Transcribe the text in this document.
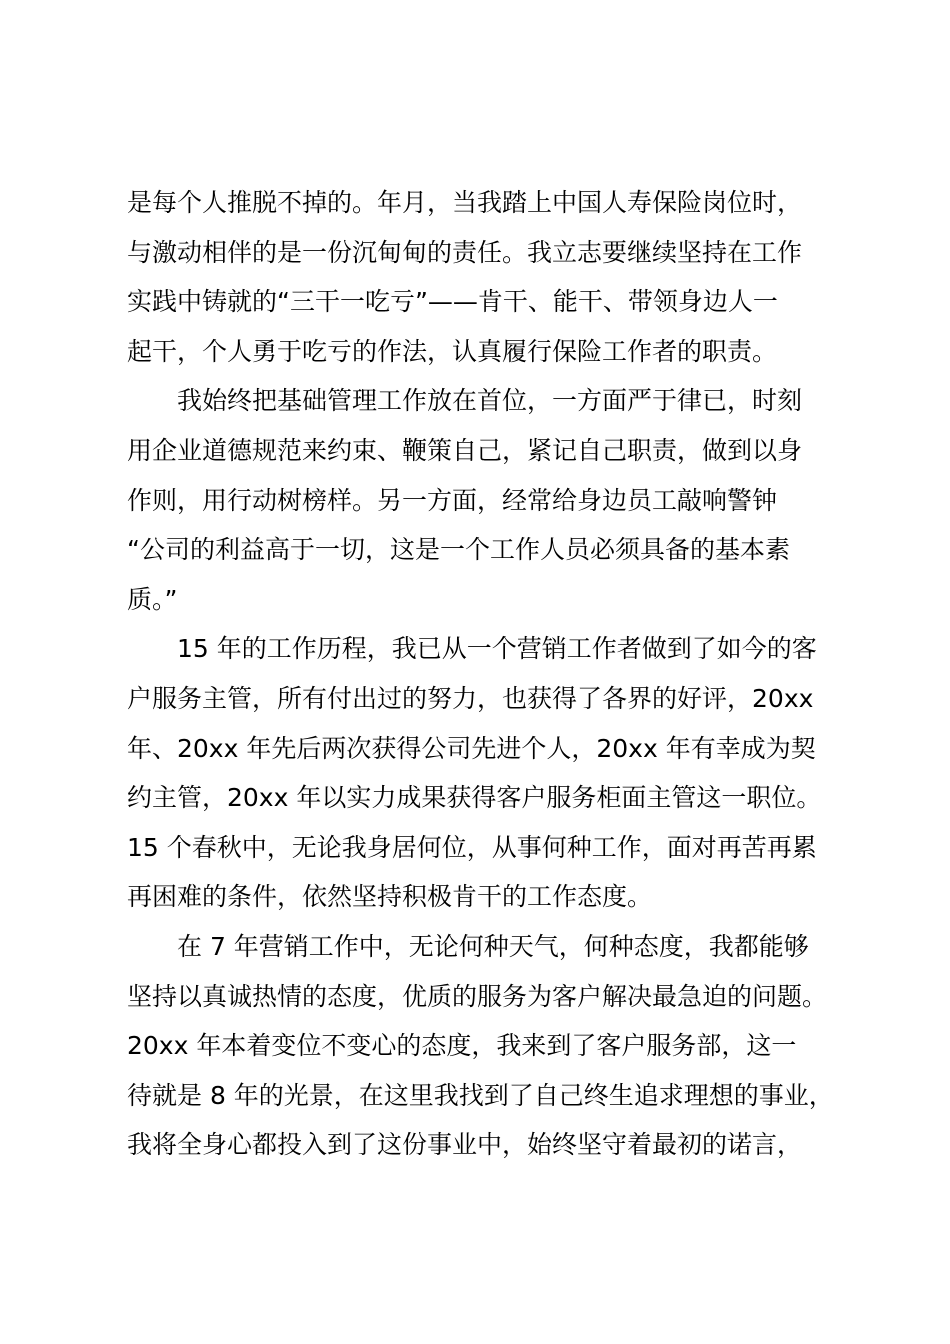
是每个人推脱不掉的。年月，当我踏上中国人寿保险岗位时，
与激动相伴的是一份沉甸甸的责任。我立志要继续坚持在工作
实践中铸就的“三干一吃亏”——肯干、能干、带领身边人一
起干，个人勇于吃亏的作法，认真履行保险工作者的职责。
我始终把基础管理工作放在首位，一方面严于律已，时刻
用企业道德规范来约束、鞭策自己，紧记自己职责，做到以身
作则，用行动树榜样。另一方面，经常给身边员工敲响警钟
“公司的利益高于一切，这是一个工作人员必须具备的基本素
质。”
15 年的工作历程，我已从一个营销工作者做到了如今的客
户服务主管，所有付出过的努力，也获得了各界的好评，20xx
年、20xx 年先后两次获得公司先进个人，20xx 年有幸成为契
约主管，20xx 年以实力成果获得客户服务柜面主管这一职位。
15 个春秋中，无论我身居何位，从事何种工作，面对再苦再累
再困难的条件，依然坚持积极肯干的工作态度。
在 7 年营销工作中，无论何种天气，何种态度，我都能够
坚持以真诚热情的态度，优质的服务为客户解决最急迫的问题。
20xx 年本着变位不变心的态度，我来到了客户服务部，这一
待就是 8 年的光景，在这里我找到了自己终生追求理想的事业，
我将全身心都投入到了这份事业中，始终坚守着最初的诺言，
